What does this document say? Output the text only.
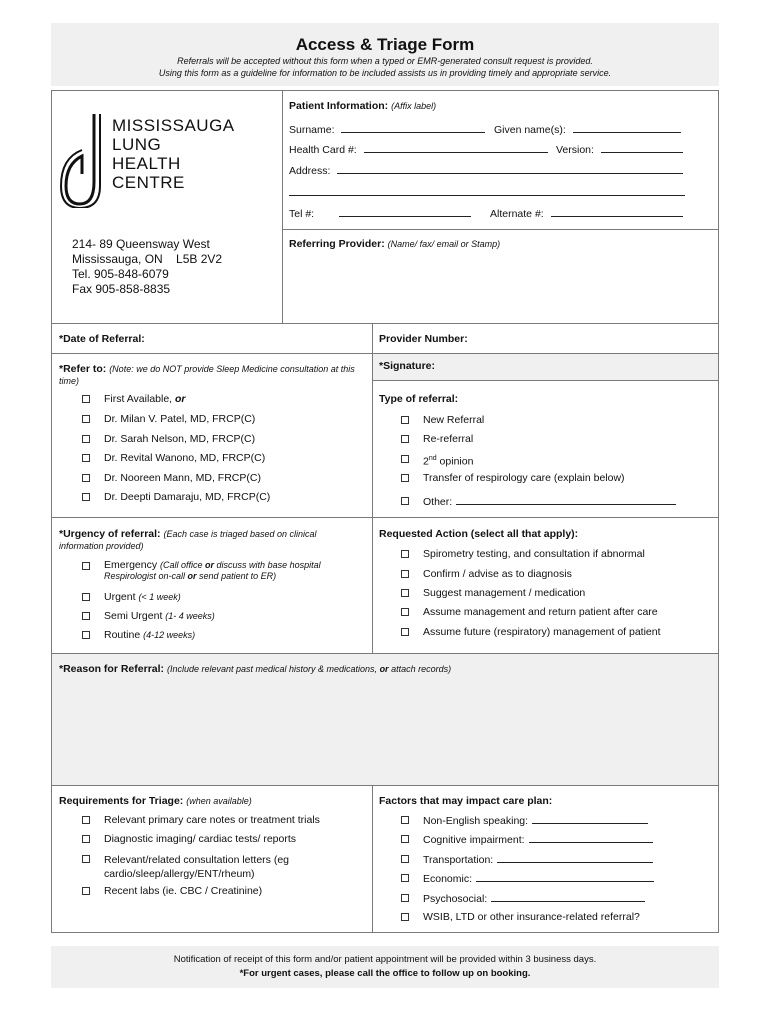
Access & Triage Form
Referrals will be accepted without this form when a typed or EMR-generated consult request is provided.
Using this form as a guideline for information to be included assists us in providing timely and appropriate service.
MISSISSAUGA
LUNG
HEALTH
CENTRE
214- 89 Queensway West
Mississauga, ON    L5B 2V2
Tel. 905-848-6079
Fax 905-858-8835
Patient Information: (Affix label)
Surname:	Given name(s):
Health Card #:	Version:
Address:
Tel #:	Alternate #:
Referring Provider: (Name/ fax/ email or Stamp)
*Date of Referral:	Provider Number:
*Signature:
*Refer to: (Note: we do NOT provide Sleep Medicine consultation at this time)
First Available, or
Dr. Milan V. Patel, MD, FRCP(C)
Dr. Sarah Nelson, MD, FRCP(C)
Dr. Revital Wanono, MD, FRCP(C)
Dr. Nooreen Mann, MD, FRCP(C)
Dr. Deepti Damaraju, MD, FRCP(C)
Type of referral:
New Referral
Re-referral
2nd opinion
Transfer of respirology care (explain below)
Other:
*Urgency of referral: (Each case is triaged based on clinical information provided)
Emergency (Call office or discuss with base hospital
Respirologist on-call or send patient to ER)
Urgent (< 1 week)
Semi Urgent (1- 4 weeks)
Routine (4-12 weeks)
Requested Action (select all that apply):
Spirometry testing, and consultation if abnormal
Confirm / advise as to diagnosis
Suggest management / medication
Assume management and return patient after care
Assume future (respiratory) management of patient
*Reason for Referral: (Include relevant past medical history & medications, or attach records)
Requirements for Triage: (when available)
Relevant primary care notes or treatment trials
Diagnostic imaging/ cardiac tests/ reports
Relevant/related consultation letters (eg
cardio/sleep/allergy/ENT/rheum)
Recent labs (ie. CBC / Creatinine)
Factors that may impact care plan:
Non-English speaking:
Cognitive impairment:
Transportation:
Economic:
Psychosocial:
WSIB, LTD or other insurance-related referral?
Notification of receipt of this form and/or patient appointment will be provided within 3 business days.
*For urgent cases, please call the office to follow up on booking.
